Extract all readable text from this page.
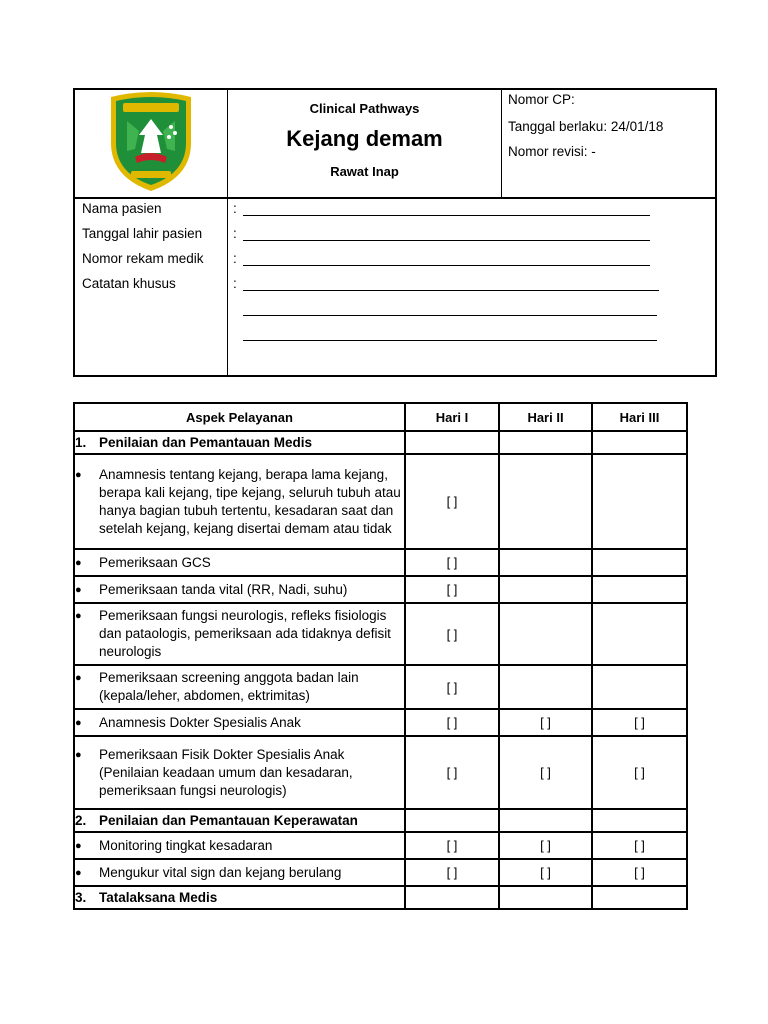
Clinical Pathways
Kejang demam
Rawat Inap
Nomor CP:
Tanggal berlaku: 24/01/18
Nomor revisi: -
Nama pasien
Tanggal lahir pasien
Nomor rekam medik
Catatan khusus
:
:
:
:
Aspek Pelayanan	Hari I	Hari II	Hari III
1. Penilaian dan Pemantauan Medis			

● Anamnesis tentang kejang, berapa lama kejang, berapa kali kejang, tipe kejang, seluruh tubuh atau hanya bagian tubuh tertentu, kesadaran saat dan setelah kejang, kejang disertai demam atau tidak	[ ]		

● Pemeriksaan GCS	[ ]		

● Pemeriksaan tanda vital (RR, Nadi, suhu)	[ ]		

● Pemeriksaan fungsi neurologis, refleks fisiologis dan pataologis, pemeriksaan ada tidaknya defisit neurologis	[ ]		

● Pemeriksaan screening anggota badan lain (kepala/leher, abdomen, ektrimitas)	[ ]		

● Anamnesis Dokter Spesialis Anak	[ ]	[ ]	[ ]

● Pemeriksaan Fisik Dokter Spesialis Anak (Penilaian keadaan umum dan kesadaran, pemeriksaan fungsi neurologis)	[ ]	[ ]	[ ]
2. Penilaian dan Pemantauan Keperawatan			

● Monitoring tingkat kesadaran	[ ]	[ ]	[ ]

● Mengukur vital sign dan kejang berulang	[ ]	[ ]	[ ]
3. Tatalaksana Medis			
